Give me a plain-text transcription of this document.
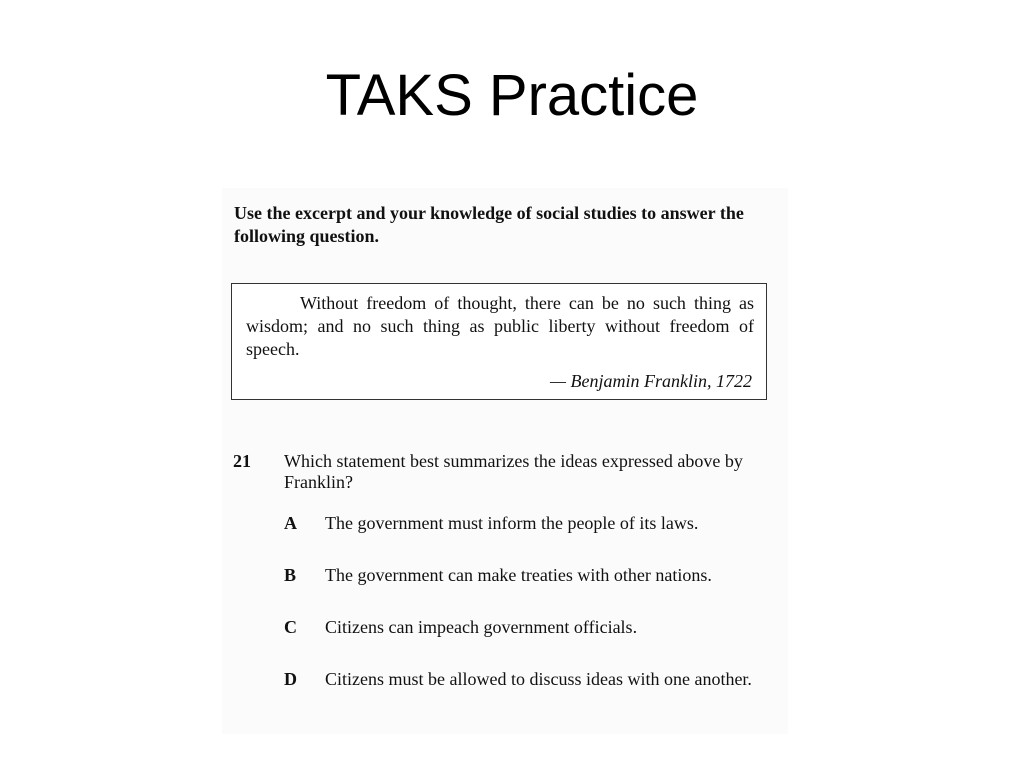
TAKS Practice
Use the excerpt and your knowledge of social studies to answer the following question.
Without freedom of thought, there can be no such thing as wisdom; and no such thing as public liberty without freedom of speech.
— Benjamin Franklin, 1722
21 Which statement best summarizes the ideas expressed above by Franklin?
A The government must inform the people of its laws.
B The government can make treaties with other nations.
C Citizens can impeach government officials.
D Citizens must be allowed to discuss ideas with one another.
